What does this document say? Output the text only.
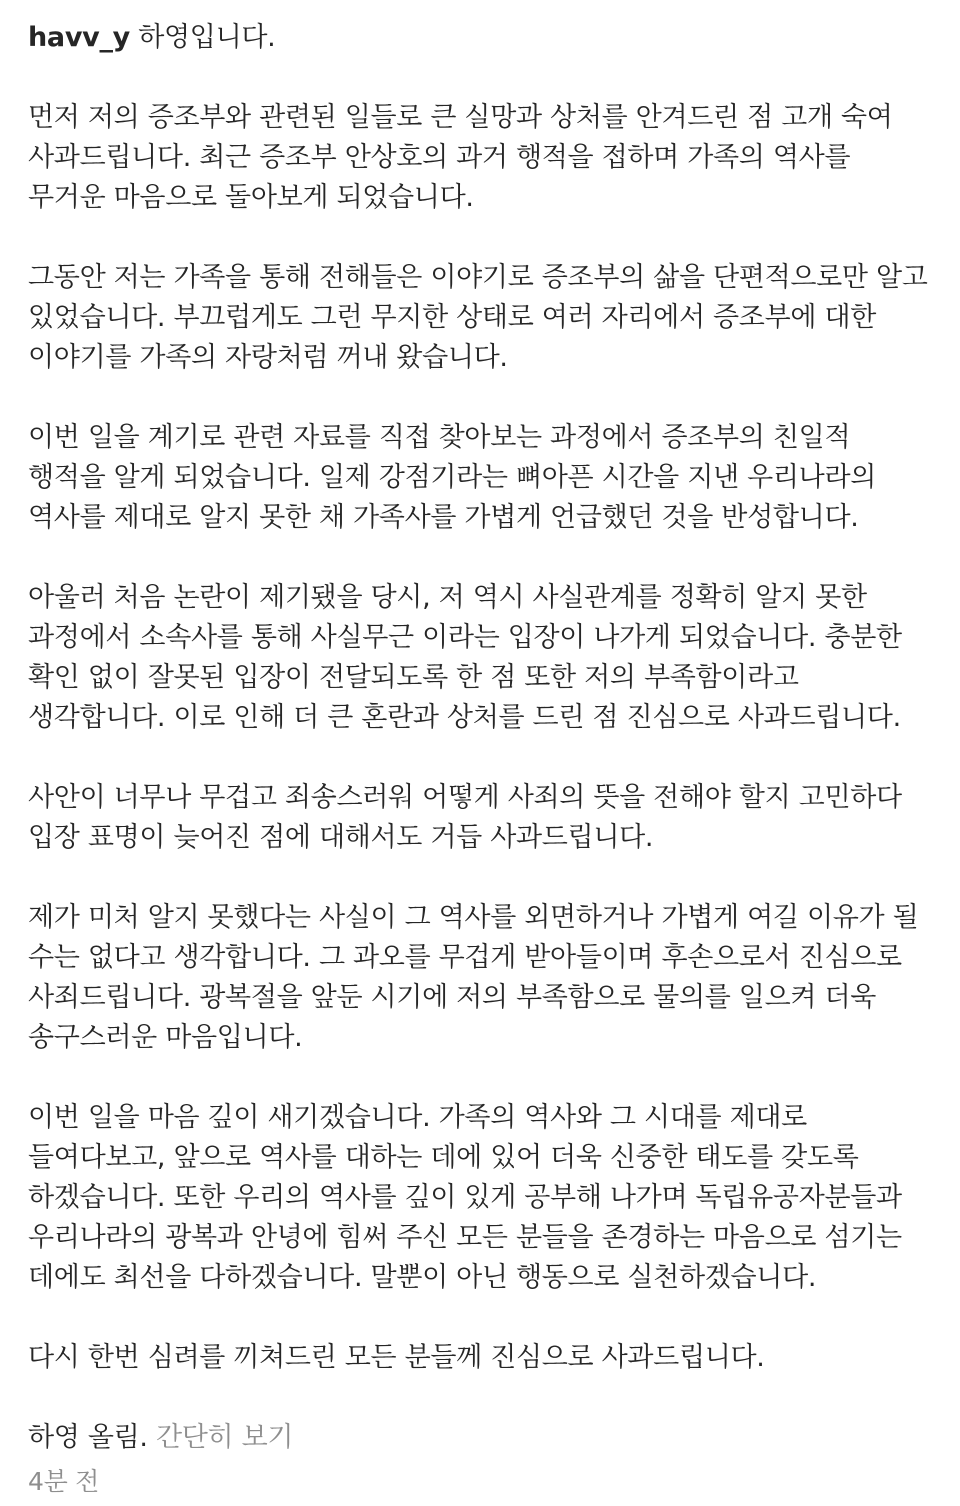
havv_y 하영입니다.
먼저 저의 증조부와 관련된 일들로 큰 실망과 상처를 안겨드린 점 고개 숙여
사과드립니다. 최근 증조부 안상호의 과거 행적을 접하며 가족의 역사를
무거운 마음으로 돌아보게 되었습니다.
그동안 저는 가족을 통해 전해들은 이야기로 증조부의 삶을 단편적으로만 알고
있었습니다. 부끄럽게도 그런 무지한 상태로 여러 자리에서 증조부에 대한
이야기를 가족의 자랑처럼 꺼내 왔습니다.
이번 일을 계기로 관련 자료를 직접 찾아보는 과정에서 증조부의 친일적
행적을 알게 되었습니다. 일제 강점기라는 뼈아픈 시간을 지낸 우리나라의
역사를 제대로 알지 못한 채 가족사를 가볍게 언급했던 것을 반성합니다.
아울러 처음 논란이 제기됐을 당시, 저 역시 사실관계를 정확히 알지 못한
과정에서 소속사를 통해 사실무근 이라는 입장이 나가게 되었습니다. 충분한
확인 없이 잘못된 입장이 전달되도록 한 점 또한 저의 부족함이라고
생각합니다. 이로 인해 더 큰 혼란과 상처를 드린 점 진심으로 사과드립니다.
사안이 너무나 무겁고 죄송스러워 어떻게 사죄의 뜻을 전해야 할지 고민하다
입장 표명이 늦어진 점에 대해서도 거듭 사과드립니다.
제가 미처 알지 못했다는 사실이 그 역사를 외면하거나 가볍게 여길 이유가 될
수는 없다고 생각합니다. 그 과오를 무겁게 받아들이며 후손으로서 진심으로
사죄드립니다. 광복절을 앞둔 시기에 저의 부족함으로 물의를 일으켜 더욱
송구스러운 마음입니다.
이번 일을 마음 깊이 새기겠습니다. 가족의 역사와 그 시대를 제대로
들여다보고, 앞으로 역사를 대하는 데에 있어 더욱 신중한 태도를 갖도록
하겠습니다. 또한 우리의 역사를 깊이 있게 공부해 나가며 독립유공자분들과
우리나라의 광복과 안녕에 힘써 주신 모든 분들을 존경하는 마음으로 섬기는
데에도 최선을 다하겠습니다. 말뿐이 아닌 행동으로 실천하겠습니다.
다시 한번 심려를 끼쳐드린 모든 분들께 진심으로 사과드립니다.
하영 올림. 간단히 보기
4분 전
